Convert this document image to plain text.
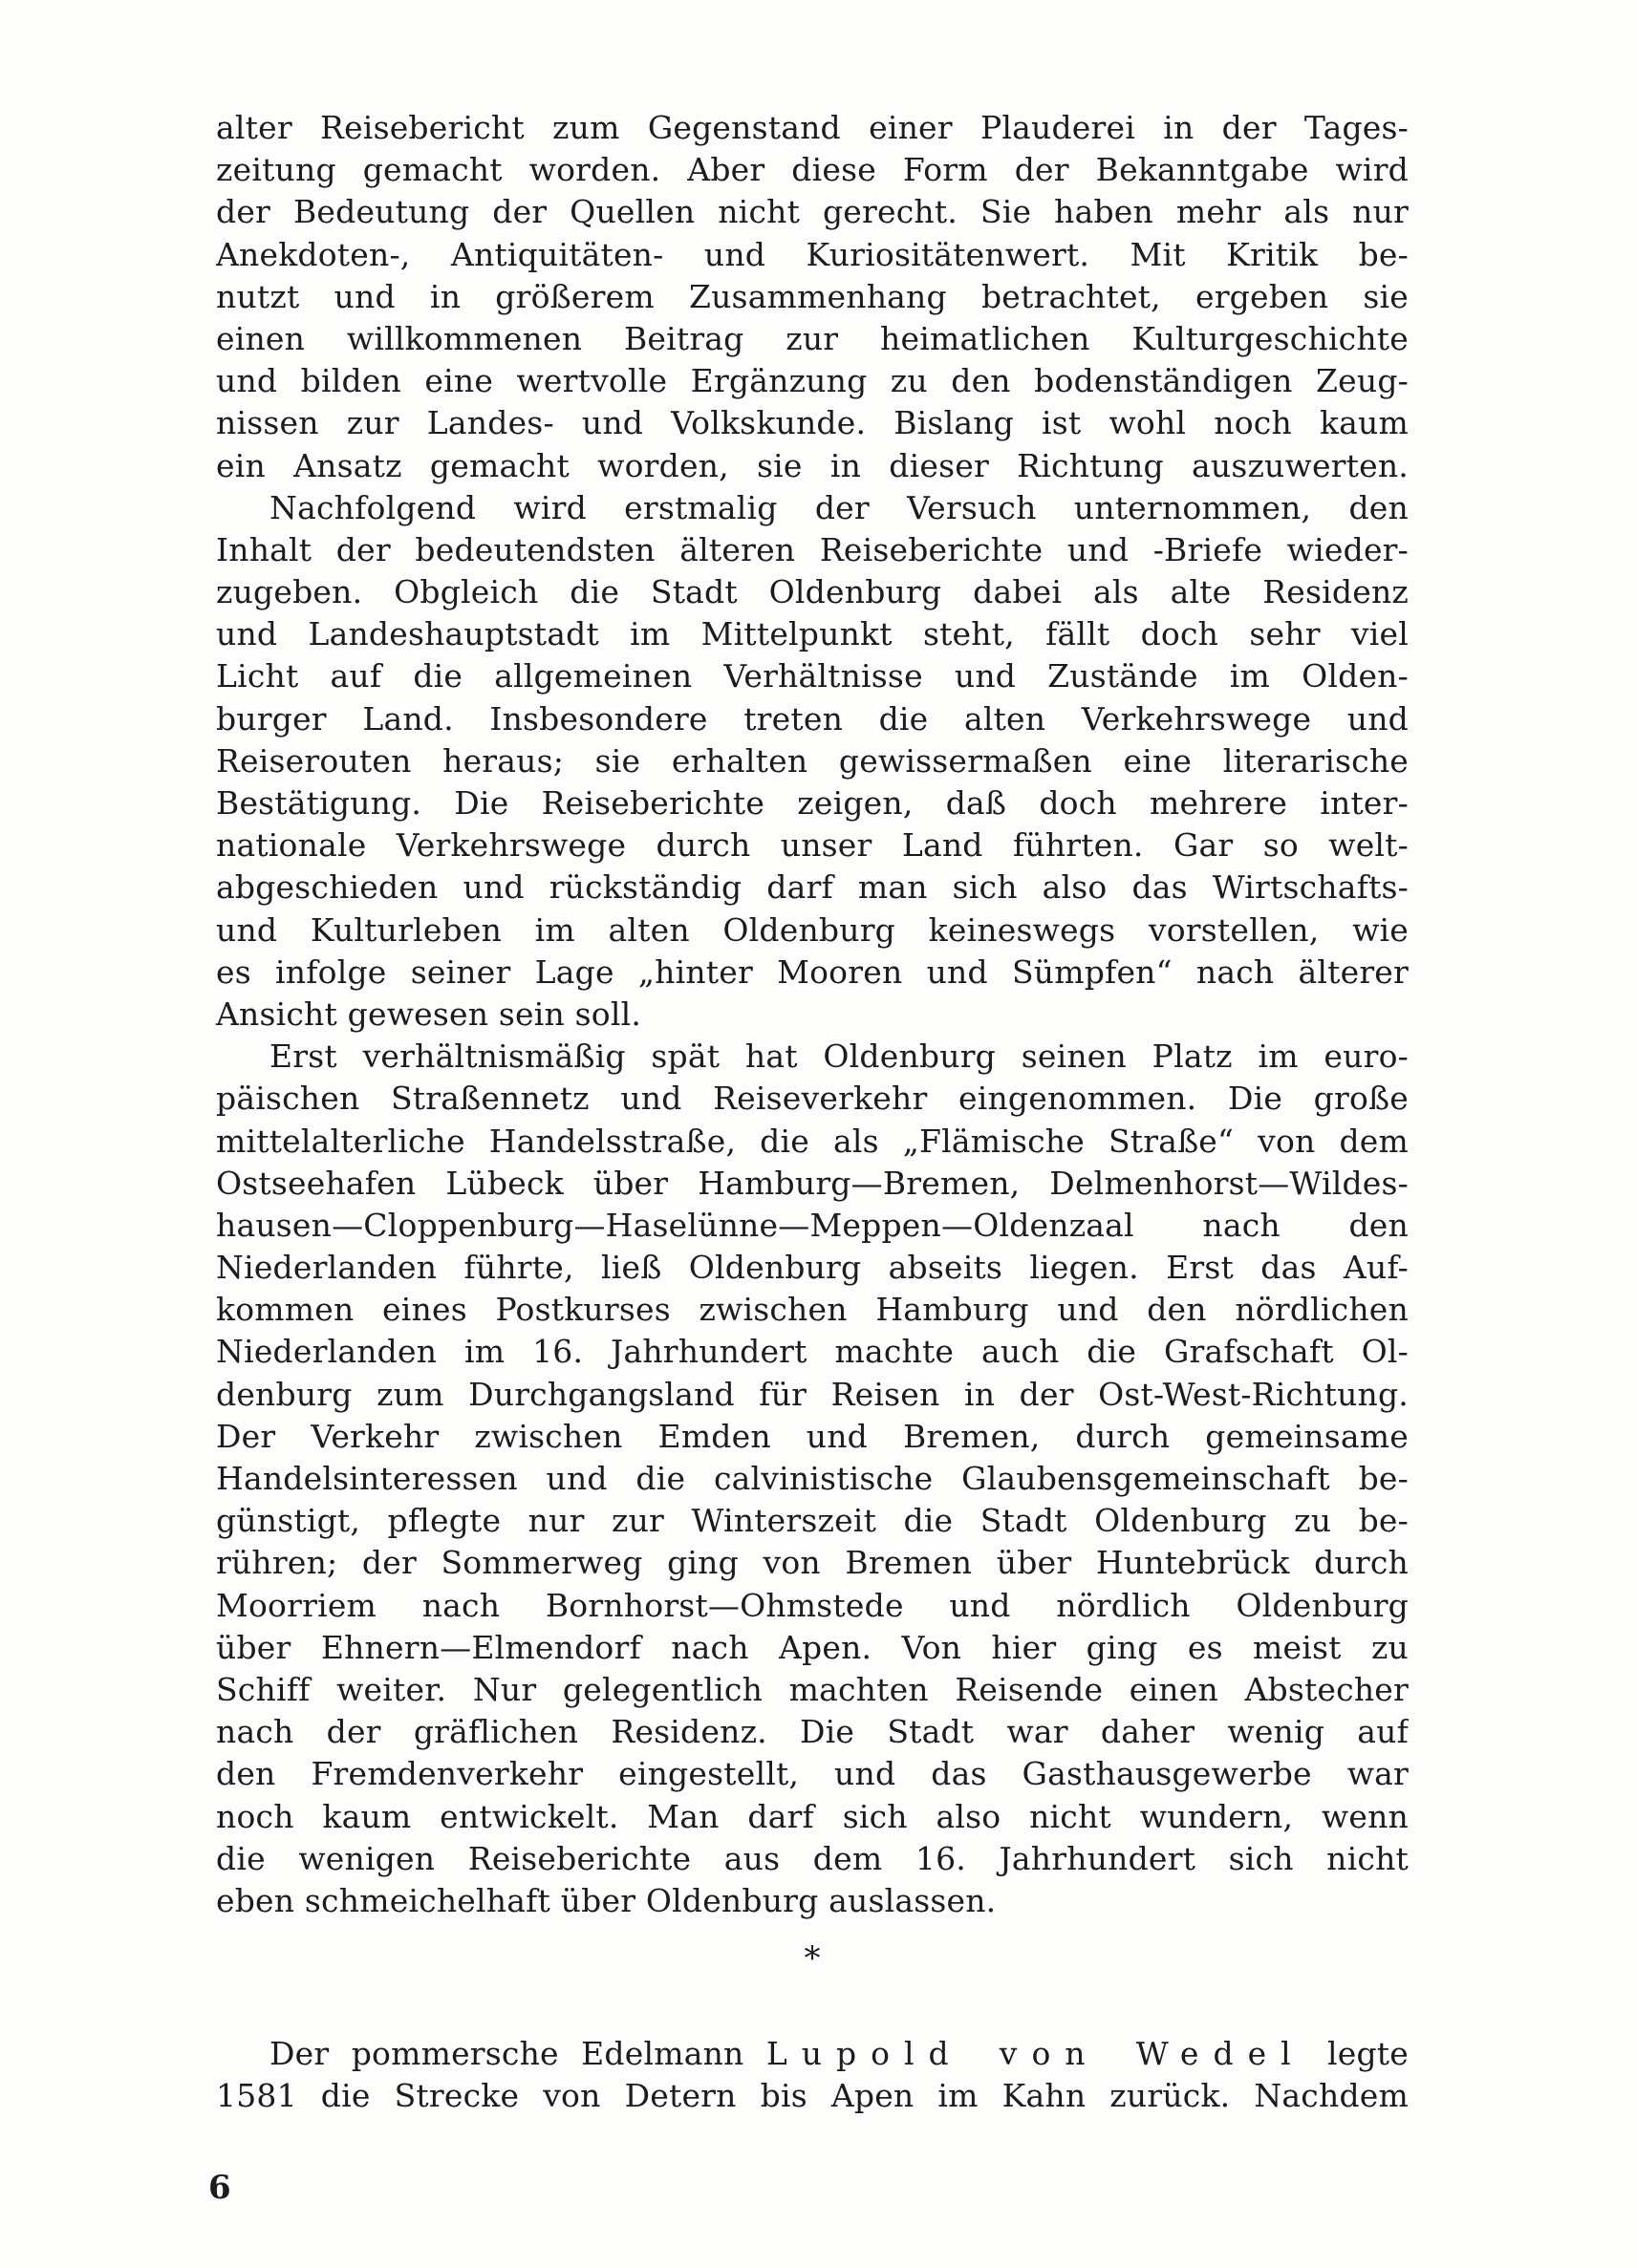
alter Reisebericht zum Gegenstand einer Plauderei in der Tages-
zeitung gemacht worden. Aber diese Form der Bekanntgabe wird
der Bedeutung der Quellen nicht gerecht. Sie haben mehr als nur
Anekdoten-, Antiquitäten- und Kuriositätenwert. Mit Kritik be-
nutzt und in größerem Zusammenhang betrachtet, ergeben sie
einen willkommenen Beitrag zur heimatlichen Kulturgeschichte
und bilden eine wertvolle Ergänzung zu den bodenständigen Zeug-
nissen zur Landes- und Volkskunde. Bislang ist wohl noch kaum
ein Ansatz gemacht worden, sie in dieser Richtung auszuwerten.
Nachfolgend wird erstmalig der Versuch unternommen, den
Inhalt der bedeutendsten älteren Reiseberichte und -Briefe wieder-
zugeben. Obgleich die Stadt Oldenburg dabei als alte Residenz
und Landeshauptstadt im Mittelpunkt steht, fällt doch sehr viel
Licht auf die allgemeinen Verhältnisse und Zustände im Olden-
burger Land. Insbesondere treten die alten Verkehrswege und
Reiserouten heraus; sie erhalten gewissermaßen eine literarische
Bestätigung. Die Reiseberichte zeigen, daß doch mehrere inter-
nationale Verkehrswege durch unser Land führten. Gar so welt-
abgeschieden und rückständig darf man sich also das Wirtschafts-
und Kulturleben im alten Oldenburg keineswegs vorstellen, wie
es infolge seiner Lage „hinter Mooren und Sümpfen“ nach älterer
Ansicht gewesen sein soll.
Erst verhältnismäßig spät hat Oldenburg seinen Platz im euro-
päischen Straßennetz und Reiseverkehr eingenommen. Die große
mittelalterliche Handelsstraße, die als „Flämische Straße“ von dem
Ostseehafen Lübeck über Hamburg—Bremen, Delmenhorst—Wildes-
hausen—Cloppenburg—Haselünne—Meppen—Oldenzaal nach den
Niederlanden führte, ließ Oldenburg abseits liegen. Erst das Auf-
kommen eines Postkurses zwischen Hamburg und den nördlichen
Niederlanden im 16. Jahrhundert machte auch die Grafschaft Ol-
denburg zum Durchgangsland für Reisen in der Ost-West-Richtung.
Der Verkehr zwischen Emden und Bremen, durch gemeinsame
Handelsinteressen und die calvinistische Glaubensgemeinschaft be-
günstigt, pflegte nur zur Winterszeit die Stadt Oldenburg zu be-
rühren; der Sommerweg ging von Bremen über Huntebrück durch
Moorriem nach Bornhorst—Ohmstede und nördlich Oldenburg
über Ehnern—Elmendorf nach Apen. Von hier ging es meist zu
Schiff weiter. Nur gelegentlich machten Reisende einen Abstecher
nach der gräflichen Residenz. Die Stadt war daher wenig auf
den Fremdenverkehr eingestellt, und das Gasthausgewerbe war
noch kaum entwickelt. Man darf sich also nicht wundern, wenn
die wenigen Reiseberichte aus dem 16. Jahrhundert sich nicht
eben schmeichelhaft über Oldenburg auslassen.
*
Der pommersche Edelmann Lupold von Wedel legte
1581 die Strecke von Detern bis Apen im Kahn zurück. Nachdem
6
